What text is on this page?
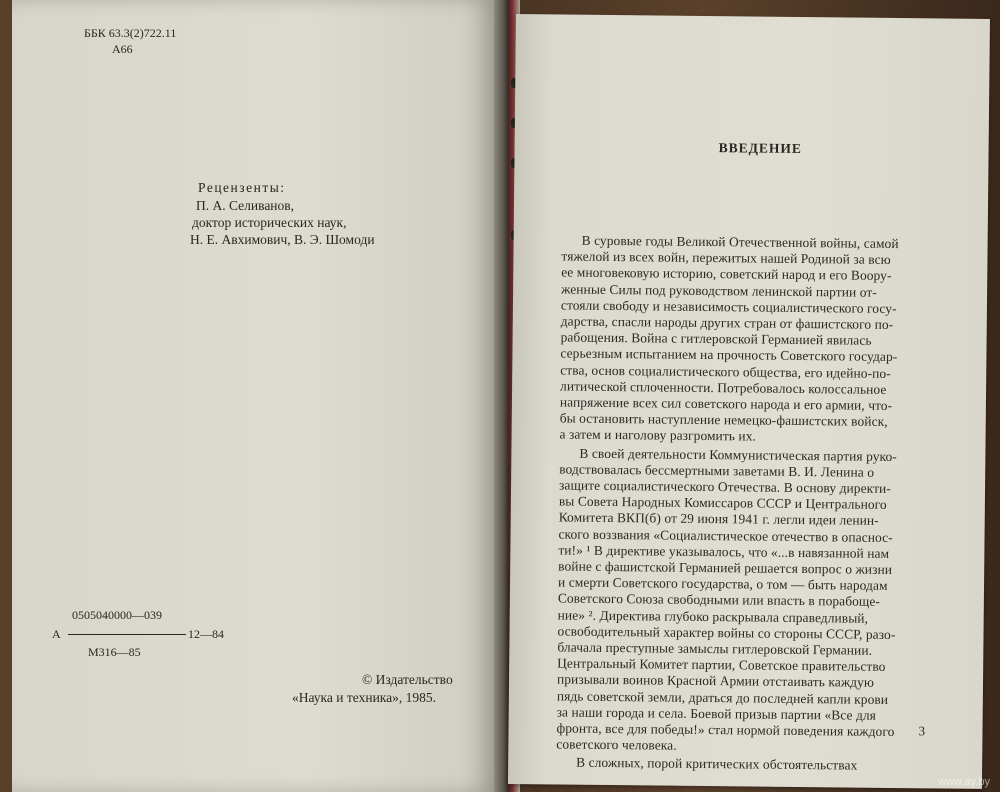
ББК 63.3(2)722.11
А66
Рецензенты:
П. А. Селиванов,
доктор исторических наук,
Н. Е. Авхимович, В. Э. Шомоди
0505040000—039
А	12—84
М316—85
© Издательство
«Наука и техника», 1985.
ВВЕДЕНИЕ
В суровые годы Великой Отечественной войны, самой
тяжелой из всех войн, пережитых нашей Родиной за всю
ее многовековую историю, советский народ и его Воору-
женные Силы под руководством ленинской партии от-
стояли свободу и независимость социалистического госу-
дарства, спасли народы других стран от фашистского по-
рабощения. Война с гитлеровской Германией явилась
серьезным испытанием на прочность Советского государ-
ства, основ социалистического общества, его идейно-по-
литической сплоченности. Потребовалось колоссальное
напряжение всех сил советского народа и его армии, что-
бы остановить наступление немецко-фашистских войск,
а затем и наголову разгромить их.
В своей деятельности Коммунистическая партия руко-
водствовалась бессмертными заветами В. И. Ленина о
защите социалистического Отечества. В основу директи-
вы Совета Народных Комиссаров СССР и Центрального
Комитета ВКП(б) от 29 июня 1941 г. легли идеи ленин-
ского воззвания «Социалистическое отечество в опаснос-
ти!» ¹ В директиве указывалось, что «...в навязанной нам
войне с фашистской Германией решается вопрос о жизни
и смерти Советского государства, о том — быть народам
Советского Союза свободными или впасть в порабоще-
ние» ². Директива глубоко раскрывала справедливый,
освободительный характер войны со стороны СССР, разо-
блачала преступные замыслы гитлеровской Германии.
Центральный Комитет партии, Советское правительство
призывали воинов Красной Армии отстаивать каждую
пядь советской земли, драться до последней капли крови
за наши города и села. Боевой призыв партии «Все для
фронта, все для победы!» стал нормой поведения каждого
советского человека.
В сложных, порой критических обстоятельствах
3
www.ay.by
